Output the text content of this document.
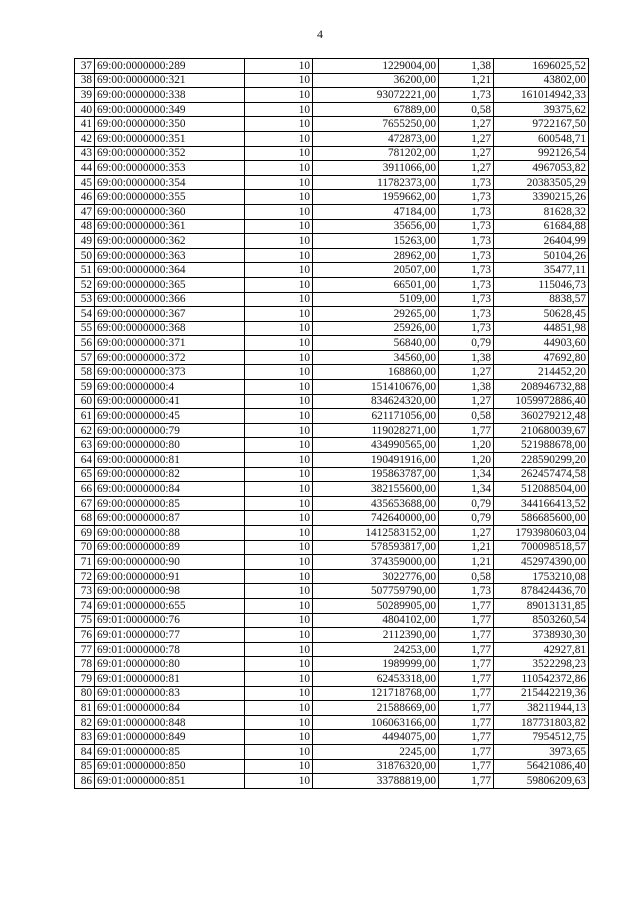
4
37	69:00:0000000:289	10	1229004,00	1,38	1696025,52
38	69:00:0000000:321	10	36200,00	1,21	43802,00
39	69:00:0000000:338	10	93072221,00	1,73	161014942,33
40	69:00:0000000:349	10	67889,00	0,58	39375,62
41	69:00:0000000:350	10	7655250,00	1,27	9722167,50
42	69:00:0000000:351	10	472873,00	1,27	600548,71
43	69:00:0000000:352	10	781202,00	1,27	992126,54
44	69:00:0000000:353	10	3911066,00	1,27	4967053,82
45	69:00:0000000:354	10	11782373,00	1,73	20383505,29
46	69:00:0000000:355	10	1959662,00	1,73	3390215,26
47	69:00:0000000:360	10	47184,00	1,73	81628,32
48	69:00:0000000:361	10	35656,00	1,73	61684,88
49	69:00:0000000:362	10	15263,00	1,73	26404,99
50	69:00:0000000:363	10	28962,00	1,73	50104,26
51	69:00:0000000:364	10	20507,00	1,73	35477,11
52	69:00:0000000:365	10	66501,00	1,73	115046,73
53	69:00:0000000:366	10	5109,00	1,73	8838,57
54	69:00:0000000:367	10	29265,00	1,73	50628,45
55	69:00:0000000:368	10	25926,00	1,73	44851,98
56	69:00:0000000:371	10	56840,00	0,79	44903,60
57	69:00:0000000:372	10	34560,00	1,38	47692,80
58	69:00:0000000:373	10	168860,00	1,27	214452,20
59	69:00:0000000:4	10	151410676,00	1,38	208946732,88
60	69:00:0000000:41	10	834624320,00	1,27	1059972886,40
61	69:00:0000000:45	10	621171056,00	0,58	360279212,48
62	69:00:0000000:79	10	119028271,00	1,77	210680039,67
63	69:00:0000000:80	10	434990565,00	1,20	521988678,00
64	69:00:0000000:81	10	190491916,00	1,20	228590299,20
65	69:00:0000000:82	10	195863787,00	1,34	262457474,58
66	69:00:0000000:84	10	382155600,00	1,34	512088504,00
67	69:00:0000000:85	10	435653688,00	0,79	344166413,52
68	69:00:0000000:87	10	742640000,00	0,79	586685600,00
69	69:00:0000000:88	10	1412583152,00	1,27	1793980603,04
70	69:00:0000000:89	10	578593817,00	1,21	700098518,57
71	69:00:0000000:90	10	374359000,00	1,21	452974390,00
72	69:00:0000000:91	10	3022776,00	0,58	1753210,08
73	69:00:0000000:98	10	507759790,00	1,73	878424436,70
74	69:01:0000000:655	10	50289905,00	1,77	89013131,85
75	69:01:0000000:76	10	4804102,00	1,77	8503260,54
76	69:01:0000000:77	10	2112390,00	1,77	3738930,30
77	69:01:0000000:78	10	24253,00	1,77	42927,81
78	69:01:0000000:80	10	1989999,00	1,77	3522298,23
79	69:01:0000000:81	10	62453318,00	1,77	110542372,86
80	69:01:0000000:83	10	121718768,00	1,77	215442219,36
81	69:01:0000000:84	10	21588669,00	1,77	38211944,13
82	69:01:0000000:848	10	106063166,00	1,77	187731803,82
83	69:01:0000000:849	10	4494075,00	1,77	7954512,75
84	69:01:0000000:85	10	2245,00	1,77	3973,65
85	69:01:0000000:850	10	31876320,00	1,77	56421086,40
86	69:01:0000000:851	10	33788819,00	1,77	59806209,63
